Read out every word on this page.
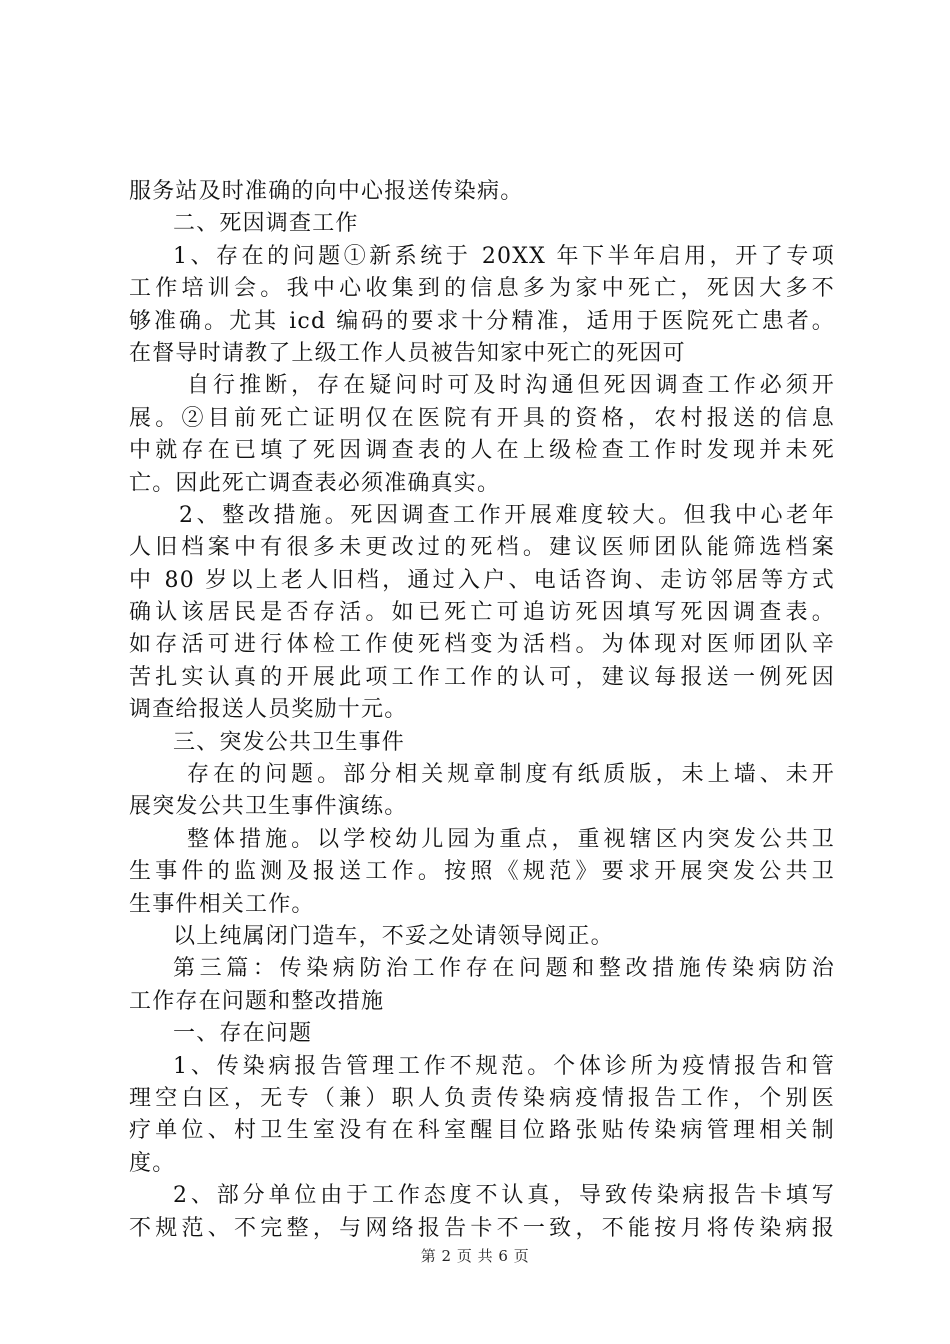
服务站及时准确的向中心报送传染病。
二、死因调查工作
1、存在的问题①新系统于 20XX 年下半年启用，开了专项
工作培训会。我中心收集到的信息多为家中死亡，死因大多不
够准确。尤其 icd 编码的要求十分精准，适用于医院死亡患者。
在督导时请教了上级工作人员被告知家中死亡的死因可
自行推断，存在疑问时可及时沟通但死因调查工作必须开
展。②目前死亡证明仅在医院有开具的资格，农村报送的信息
中就存在已填了死因调查表的人在上级检查工作时发现并未死
亡。因此死亡调查表必须准确真实。
2、整改措施。死因调查工作开展难度较大。但我中心老年
人旧档案中有很多未更改过的死档。建议医师团队能筛选档案
中 80 岁以上老人旧档，通过入户、电话咨询、走访邻居等方式
确认该居民是否存活。如已死亡可追访死因填写死因调查表。
如存活可进行体检工作使死档变为活档。为体现对医师团队辛
苦扎实认真的开展此项工作工作的认可，建议每报送一例死因
调查给报送人员奖励十元。
三、突发公共卫生事件
存在的问题。部分相关规章制度有纸质版，未上墙、未开
展突发公共卫生事件演练。
整体措施。以学校幼儿园为重点，重视辖区内突发公共卫
生事件的监测及报送工作。按照《规范》要求开展突发公共卫
生事件相关工作。
以上纯属闭门造车，不妥之处请领导阅正。
第三篇：传染病防治工作存在问题和整改措施传染病防治
工作存在问题和整改措施
一、存在问题
1、传染病报告管理工作不规范。个体诊所为疫情报告和管
理空白区，无专（兼）职人负责传染病疫情报告工作，个别医
疗单位、村卫生室没有在科室醒目位路张贴传染病管理相关制
度。
2、部分单位由于工作态度不认真，导致传染病报告卡填写
不规范、不完整，与网络报告卡不一致，不能按月将传染病报
第 2 页 共 6 页
